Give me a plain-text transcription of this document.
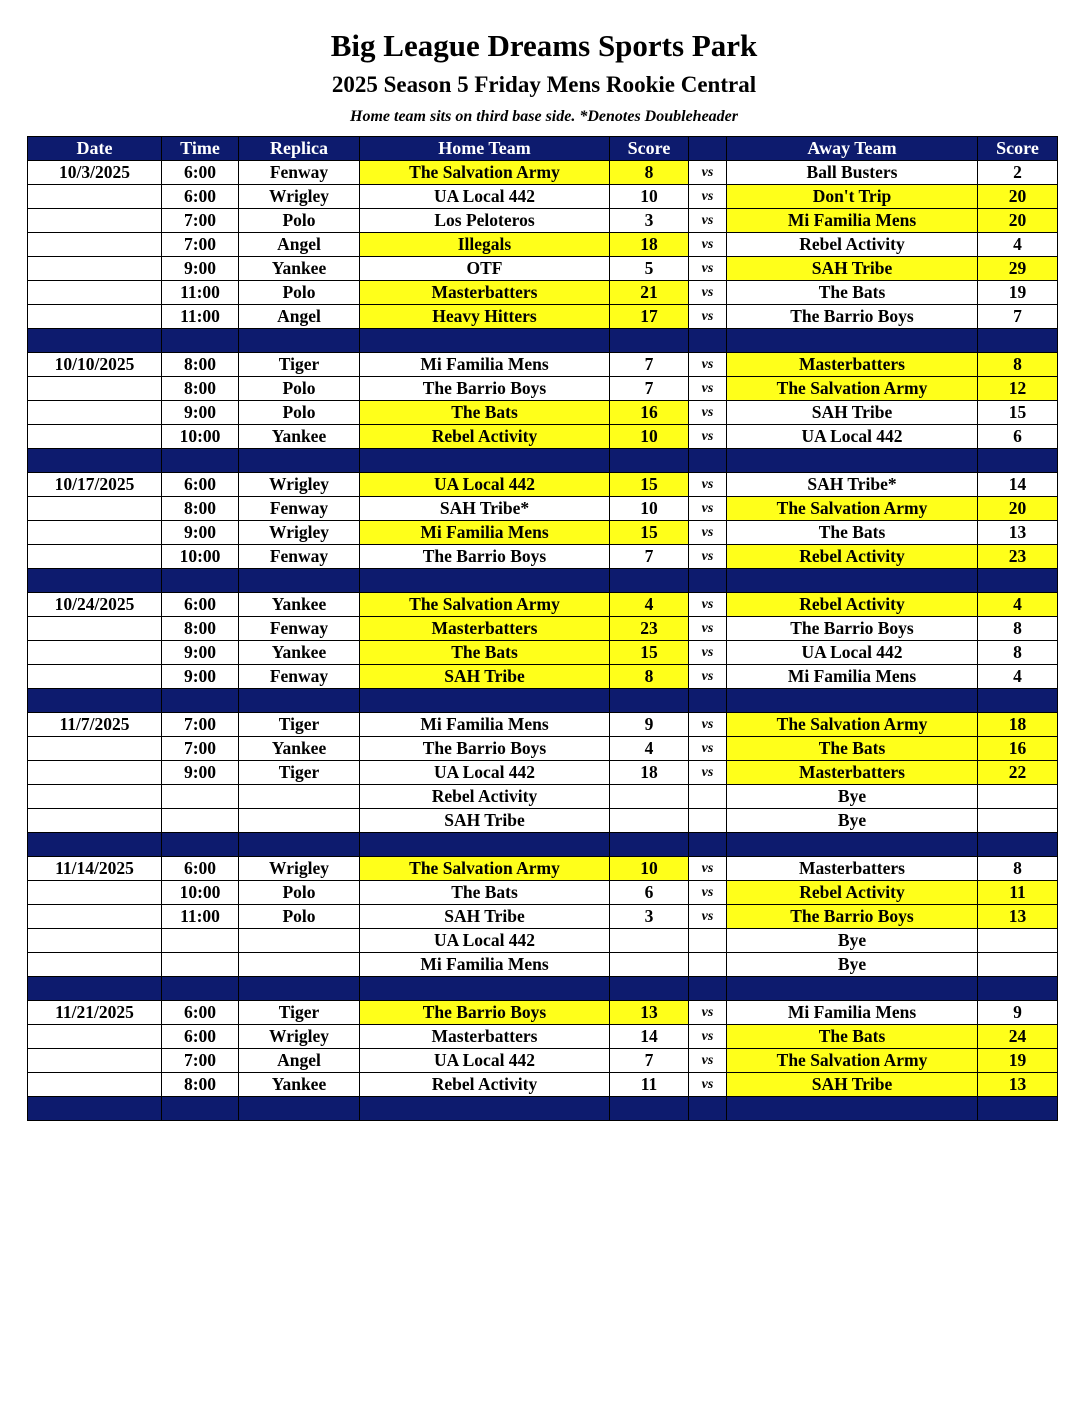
Big League Dreams Sports Park
2025 Season 5 Friday Mens Rookie Central
Home team sits on third base side. *Denotes Doubleheader
Date	Time	Replica	Home Team	Score		Away Team	Score
10/3/2025	6:00	Fenway	The Salvation Army	8	vs	Ball Busters	2
	6:00	Wrigley	UA Local 442	10	vs	Don't Trip	20
	7:00	Polo	Los Peloteros	3	vs	Mi Familia Mens	20
	7:00	Angel	Illegals	18	vs	Rebel Activity	4
	9:00	Yankee	OTF	5	vs	SAH Tribe	29
	11:00	Polo	Masterbatters	21	vs	The Bats	19
	11:00	Angel	Heavy Hitters	17	vs	The Barrio Boys	7

10/10/2025	8:00	Tiger	Mi Familia Mens	7	vs	Masterbatters	8
	8:00	Polo	The Barrio Boys	7	vs	The Salvation Army	12
	9:00	Polo	The Bats	16	vs	SAH Tribe	15
	10:00	Yankee	Rebel Activity	10	vs	UA Local 442	6

10/17/2025	6:00	Wrigley	UA Local 442	15	vs	SAH Tribe*	14
	8:00	Fenway	SAH Tribe*	10	vs	The Salvation Army	20
	9:00	Wrigley	Mi Familia Mens	15	vs	The Bats	13
	10:00	Fenway	The Barrio Boys	7	vs	Rebel Activity	23

10/24/2025	6:00	Yankee	The Salvation Army	4	vs	Rebel Activity	4
	8:00	Fenway	Masterbatters	23	vs	The Barrio Boys	8
	9:00	Yankee	The Bats	15	vs	UA Local 442	8
	9:00	Fenway	SAH Tribe	8	vs	Mi Familia Mens	4

11/7/2025	7:00	Tiger	Mi Familia Mens	9	vs	The Salvation Army	18
	7:00	Yankee	The Barrio Boys	4	vs	The Bats	16
	9:00	Tiger	UA Local 442	18	vs	Masterbatters	22
			Rebel Activity			Bye	
			SAH Tribe			Bye	

11/14/2025	6:00	Wrigley	The Salvation Army	10	vs	Masterbatters	8
	10:00	Polo	The Bats	6	vs	Rebel Activity	11
	11:00	Polo	SAH Tribe	3	vs	The Barrio Boys	13
			UA Local 442			Bye	
			Mi Familia Mens			Bye	

11/21/2025	6:00	Tiger	The Barrio Boys	13	vs	Mi Familia Mens	9
	6:00	Wrigley	Masterbatters	14	vs	The Bats	24
	7:00	Angel	UA Local 442	7	vs	The Salvation Army	19
	8:00	Yankee	Rebel Activity	11	vs	SAH Tribe	13
